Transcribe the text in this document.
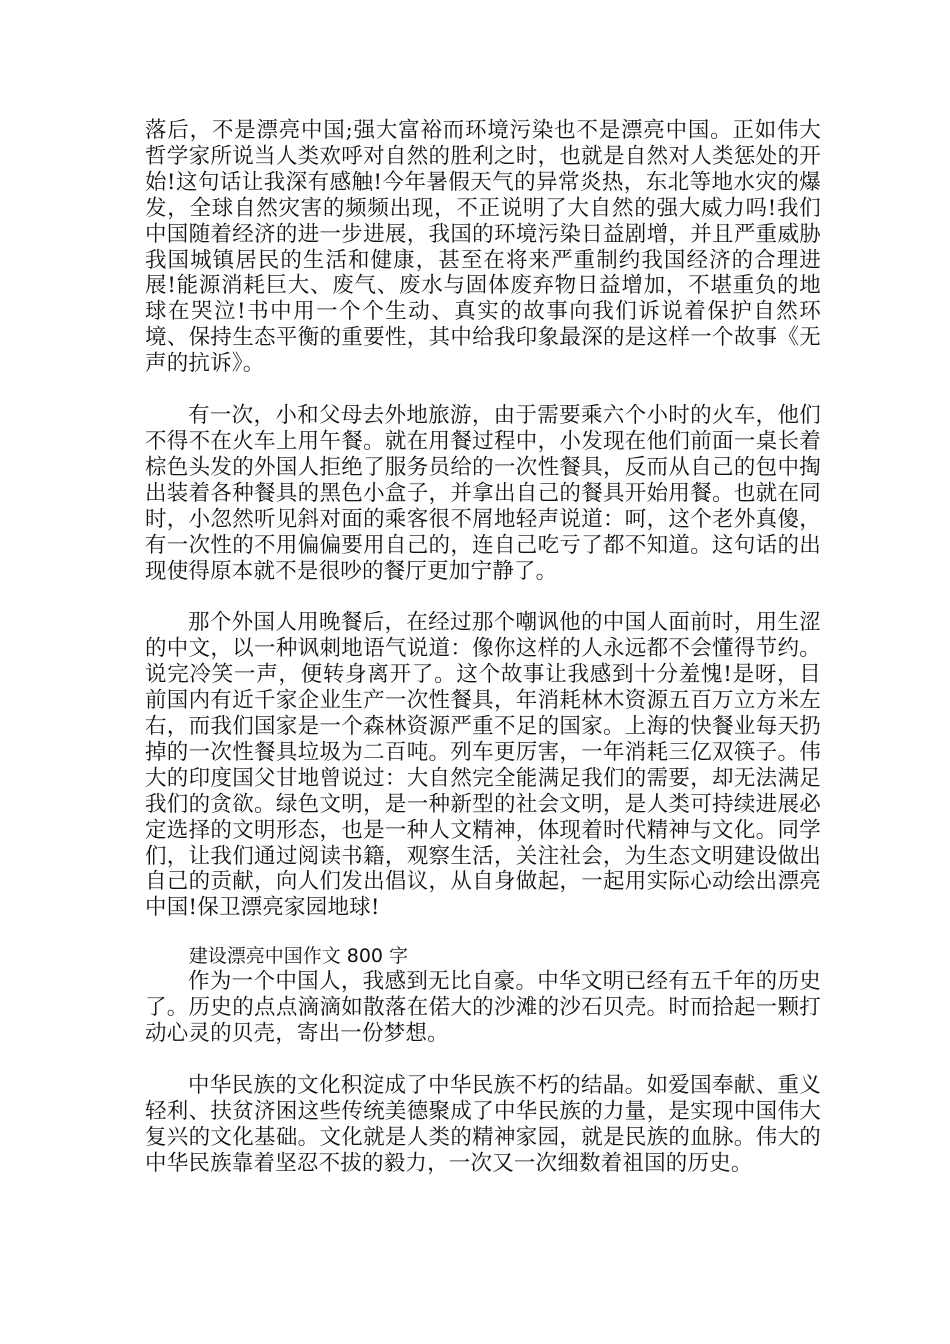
落后，不是漂亮中国;强大富裕而环境污染也不是漂亮中国。正如伟大哲学家所说当人类欢呼对自然的胜利之时，也就是自然对人类惩处的开始!这句话让我深有感触!今年暑假天气的异常炎热，东北等地水灾的爆发，全球自然灾害的频频出现，不正说明了大自然的强大威力吗!我们中国随着经济的进一步进展，我国的环境污染日益剧增，并且严重威胁我国城镇居民的生活和健康，甚至在将来严重制约我国经济的合理进展!能源消耗巨大、废气、废水与固体废弃物日益增加，不堪重负的地球在哭泣!书中用一个个生动、真实的故事向我们诉说着保护自然环境、保持生态平衡的重要性，其中给我印象最深的是这样一个故事《无声的抗诉》。

有一次，小和父母去外地旅游，由于需要乘六个小时的火车，他们不得不在火车上用午餐。就在用餐过程中，小发现在他们前面一桌长着棕色头发的外国人拒绝了服务员给的一次性餐具，反而从自己的包中掏出装着各种餐具的黑色小盒子，并拿出自己的餐具开始用餐。也就在同时，小忽然听见斜对面的乘客很不屑地轻声说道：呵，这个老外真傻，有一次性的不用偏偏要用自己的，连自己吃亏了都不知道。这句话的出现使得原本就不是很吵的餐厅更加宁静了。

那个外国人用晚餐后，在经过那个嘲讽他的中国人面前时，用生涩的中文，以一种讽刺地语气说道：像你这样的人永远都不会懂得节约。说完冷笑一声，便转身离开了。这个故事让我感到十分羞愧!是呀，目前国内有近千家企业生产一次性餐具，年消耗林木资源五百万立方米左右，而我们国家是一个森林资源严重不足的国家。上海的快餐业每天扔掉的一次性餐具垃圾为二百吨。列车更厉害，一年消耗三亿双筷子。伟大的印度国父甘地曾说过：大自然完全能满足我们的需要，却无法满足我们的贪欲。绿色文明，是一种新型的社会文明，是人类可持续进展必定选择的文明形态，也是一种人文精神，体现着时代精神与文化。同学们，让我们通过阅读书籍，观察生活，关注社会，为生态文明建设做出自己的贡献，向人们发出倡议，从自身做起，一起用实际心动绘出漂亮中国!保卫漂亮家园地球!

建设漂亮中国作文 800 字

作为一个中国人，我感到无比自豪。中华文明已经有五千年的历史了。历史的点点滴滴如散落在偌大的沙滩的沙石贝壳。时而拾起一颗打动心灵的贝壳，寄出一份梦想。

中华民族的文化积淀成了中华民族不朽的结晶。如爱国奉献、重义轻利、扶贫济困这些传统美德聚成了中华民族的力量，是实现中国伟大复兴的文化基础。文化就是人类的精神家园，就是民族的血脉。伟大的中华民族靠着坚忍不拔的毅力，一次又一次细数着祖国的历史。
